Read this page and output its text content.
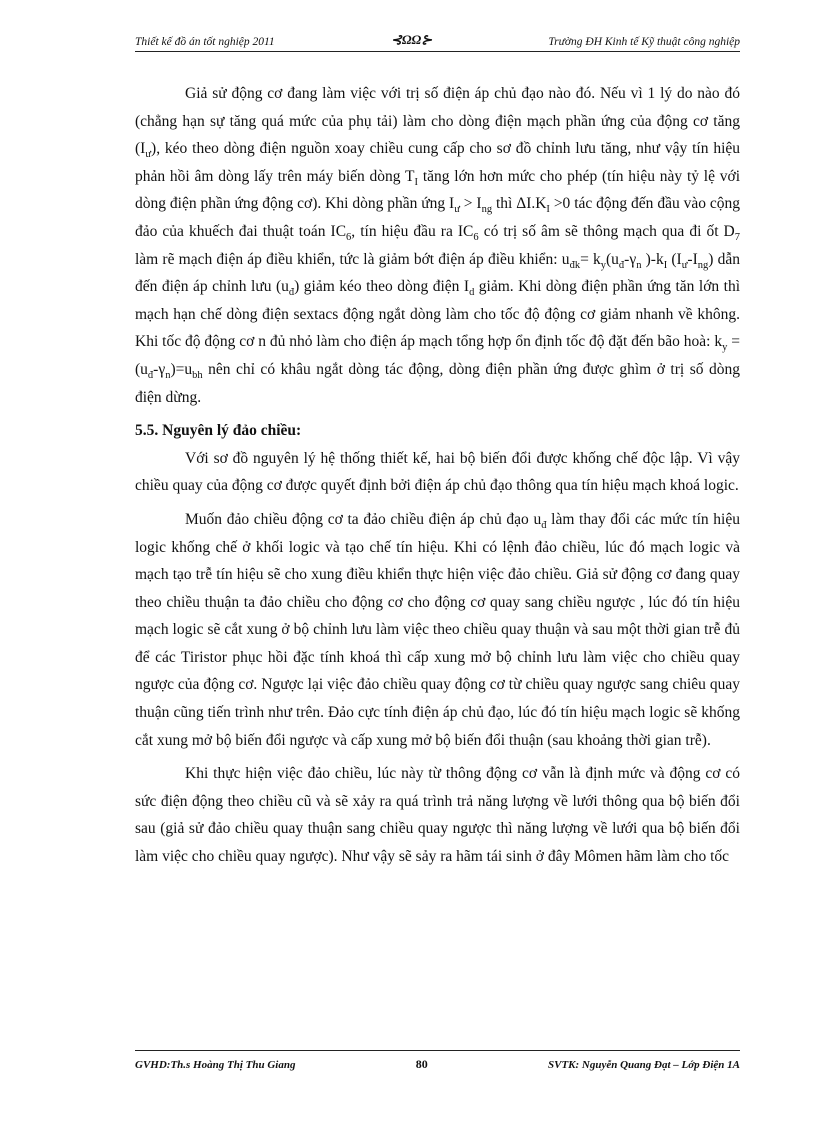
Thiết kế đồ án tốt nghiệp 2011	⊰ΩΩ⊱	Trường ĐH Kinh tế Kỹ thuật công nghiệp

Giả sử động cơ đang làm việc với trị số điện áp chủ đạo nào đó. Nếu vì 1 lý do nào đó (chẳng hạn sự tăng quá mức của phụ tải) làm cho dòng điện mạch phần ứng của động cơ tăng $(I_ư)$, kéo theo dòng điện nguồn xoay chiều cung cấp cho sơ đồ chỉnh lưu tăng, như vậy tín hiệu phản hồi âm dòng lấy trên máy biến dòng $T_I$ tăng lớn hơn mức cho phép (tín hiệu này tỷ lệ với dòng điện phần ứng động cơ). Khi dòng phần ứng $I_ư > I_{ng}$ thì $\Delta I.K_I >0$ tác động đến đầu vào cộng đảo của khuếch đai thuật toán $IC_6$, tín hiệu đầu ra $IC_6$ có trị số âm sẽ thông mạch qua đi ốt $D_7$ làm rẽ mạch điện áp điều khiển, tức là giảm bớt điện áp điều khiển: $u_{đk}= k_y(u_đ-\gamma_n$ )$-k_I$ $(I_ư-I_{ng})$ dẫn đến điện áp chỉnh lưu $(u_đ)$ giảm kéo theo dòng điện $I_d$ giảm. Khi dòng điện phần ứng tăn lớn thì mạch hạn chế dòng điện sextacs động ngắt dòng làm cho tốc độ động cơ giảm nhanh về không. Khi tốc độ động cơ n đủ nhỏ làm cho điện áp mạch tổng hợp ổn định tốc độ đặt đến bão hoà: $k_y = (u_đ-\gamma_n)=u_{bh}$ nên chỉ có khâu ngắt dòng tác động, dòng điện phần ứng được ghìm ở trị số dòng điện dừng.

5.5. Nguyên lý đảo chiều:

Với sơ đồ nguyên lý hệ thống thiết kế, hai bộ biến đổi được khống chế độc lập. Vì vậy chiều quay của động cơ được quyết định bởi điện áp chủ đạo thông qua tín hiệu mạch khoá logic.

Muốn đảo chiều động cơ ta đảo chiều điện áp chủ đạo $u_đ$ làm thay đổi các mức tín hiệu logic khống chế ở khối logic và tạo chế tín hiệu. Khi có lệnh đảo chiều, lúc đó mạch logic và mạch tạo trễ tín hiệu sẽ cho xung điều khiển thực hiện việc đảo chiều. Giả sử động cơ đang quay theo chiều thuận ta đảo chiều cho động cơ cho động cơ quay sang chiều ngược , lúc đó tín hiệu mạch logic sẽ cắt xung ở bộ chỉnh lưu làm việc theo chiều quay thuận và sau một thời gian trễ đủ để các Tiristor phục hồi đặc tính khoá thì cấp xung mở bộ chỉnh lưu làm việc cho chiều quay ngược của động cơ. Ngược lại việc đảo chiều quay động cơ từ chiều quay ngược sang chiêu quay thuận cũng tiến trình như trên. Đảo cực tính điện áp chủ đạo, lúc đó tín hiệu mạch logic sẽ khống cắt xung mở bộ biến đổi ngược và cấp xung mở bộ biến đổi thuận (sau khoảng thời gian trễ).

Khi thực hiện việc đảo chiều, lúc này từ thông động cơ vẫn là định mức và động cơ có sức điện động theo chiều cũ và sẽ xảy ra quá trình trả năng lượng về lưới thông qua bộ biến đổi sau (giả sử đảo chiều quay thuận sang chiều quay ngược thì năng lượng về lưới qua bộ biến đổi làm việc cho chiều quay ngược). Như vậy sẽ sảy ra hãm tái sinh ở đây Mômen hãm làm cho tốc

GVHD:Th.s Hoàng Thị Thu Giang	80	SVTK: Nguyễn Quang Đạt – Lớp Điện 1A
